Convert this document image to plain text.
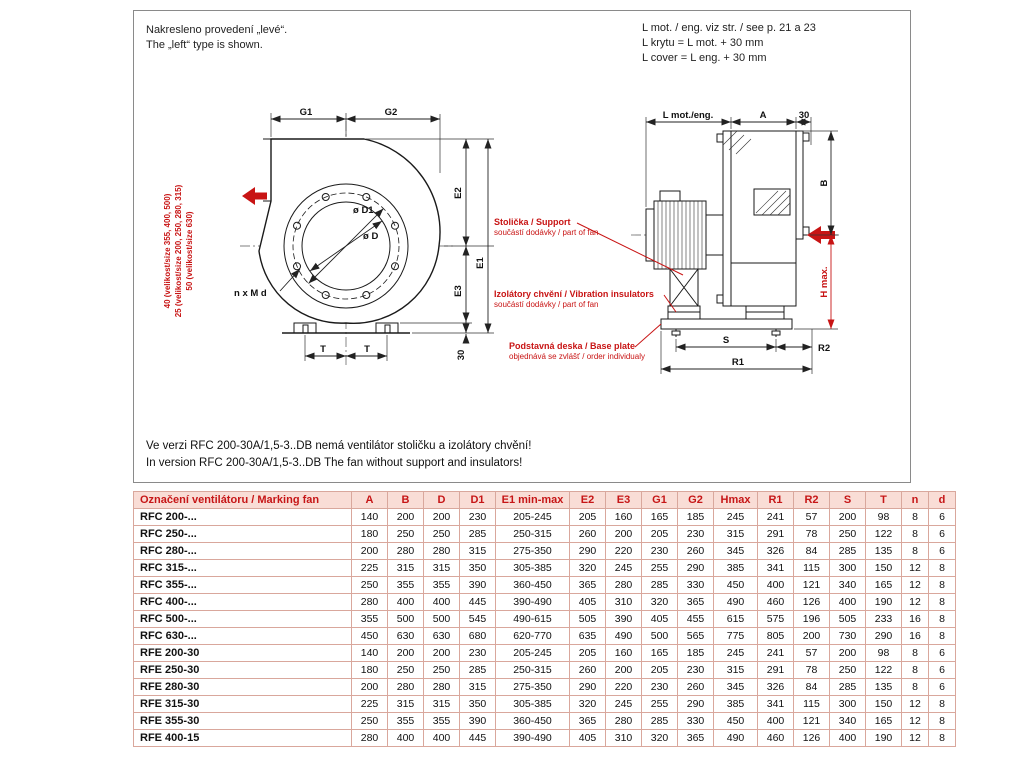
G1	G2
E2
E3
E1
30
ø D1
ø D
n x M d
T	T
40 (velikost/size 355, 400, 500) 25 (velikost/size 200, 250, 280, 315) 50 (velikost/size 630)
L mot./eng.	A	30
B
H max.
S
R2
R1
Nakresleno provedení „levé“.
The „left“ type is shown.
L mot. / eng. viz str. / see p. 21 a 23
L krytu = L mot. + 30 mm
L cover = L eng. + 30 mm
Stolička / Support
součástí dodávky / part of fan
Izolátory chvění / Vibration insulators
součástí dodávky / part of fan
Podstavná deska / Base plate
objednává se zvlášť / order individualy
Ve verzi RFC 200-30A/1,5-3..DB nemá ventilátor stoličku a izolátory chvění!
In version RFC 200-30A/1,5-3..DB The fan without support and insulators!
Označení ventilátoru / Marking fan	A	B	D	D1	E1 min-max	E2	E3	G1	G2	Hmax	R1	R2	S	T	n	d
RFC 200-...	140	200	200	230	205-245	205	160	165	185	245	241	57	200	98	8	6
RFC 250-...	180	250	250	285	250-315	260	200	205	230	315	291	78	250	122	8	6
RFC 280-...	200	280	280	315	275-350	290	220	230	260	345	326	84	285	135	8	6
RFC 315-...	225	315	315	350	305-385	320	245	255	290	385	341	115	300	150	12	8
RFC 355-...	250	355	355	390	360-450	365	280	285	330	450	400	121	340	165	12	8
RFC 400-...	280	400	400	445	390-490	405	310	320	365	490	460	126	400	190	12	8
RFC 500-...	355	500	500	545	490-615	505	390	405	455	615	575	196	505	233	16	8
RFC 630-...	450	630	630	680	620-770	635	490	500	565	775	805	200	730	290	16	8
RFE 200-30	140	200	200	230	205-245	205	160	165	185	245	241	57	200	98	8	6
RFE 250-30	180	250	250	285	250-315	260	200	205	230	315	291	78	250	122	8	6
RFE 280-30	200	280	280	315	275-350	290	220	230	260	345	326	84	285	135	8	6
RFE 315-30	225	315	315	350	305-385	320	245	255	290	385	341	115	300	150	12	8
RFE 355-30	250	355	355	390	360-450	365	280	285	330	450	400	121	340	165	12	8
RFE 400-15	280	400	400	445	390-490	405	310	320	365	490	460	126	400	190	12	8
